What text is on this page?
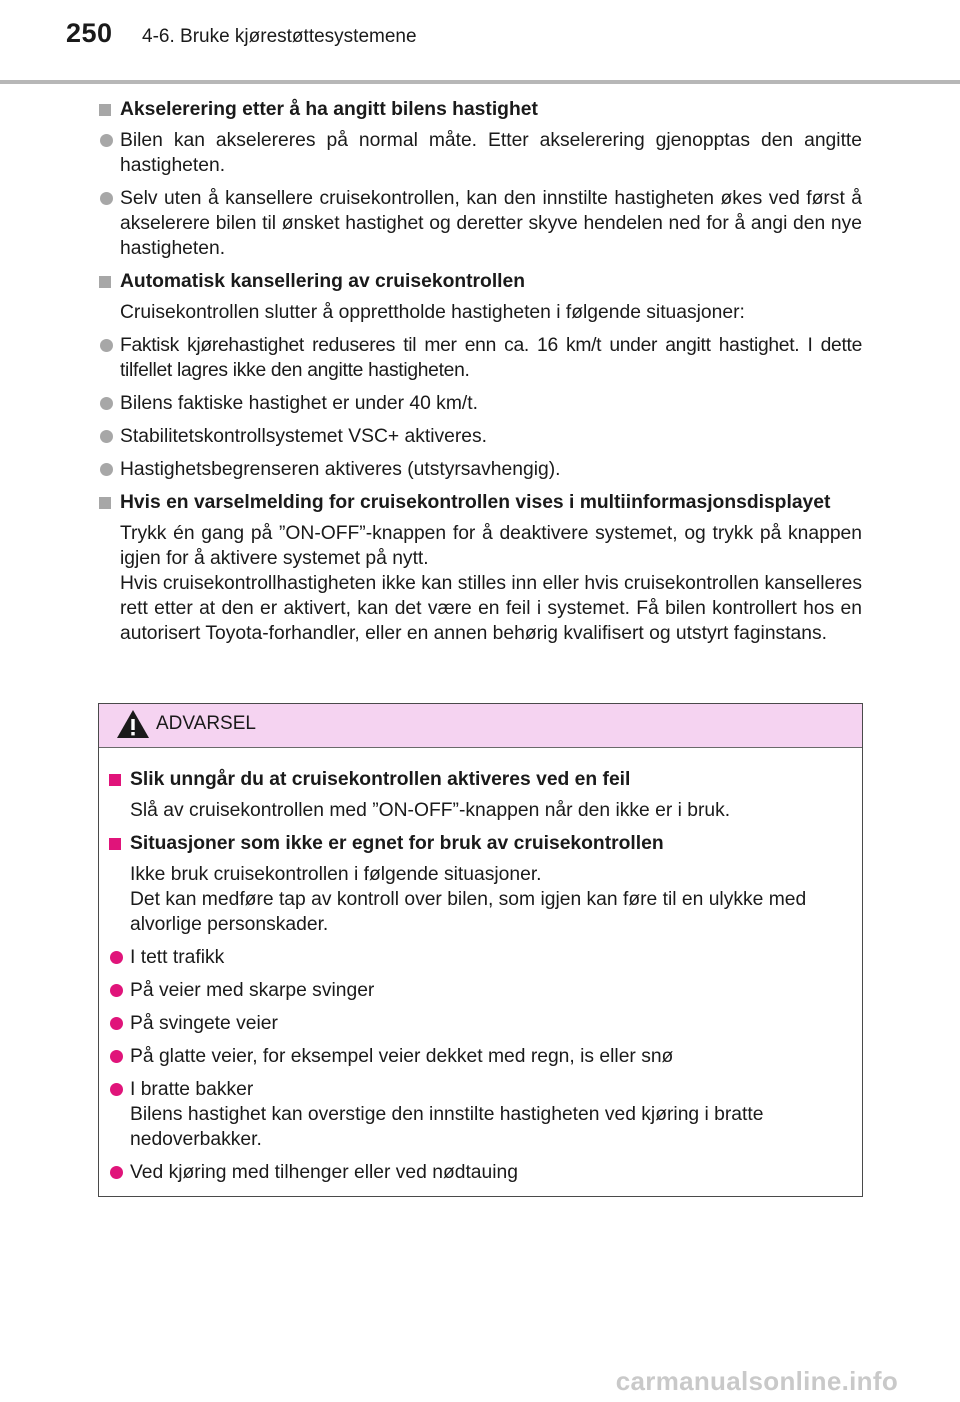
250 4-6. Bruke kjørestøttesystemene
Akselerering etter å ha angitt bilens hastighet
Bilen kan akselereres på normal måte. Etter akselerering gjenopptas den angitte hastigheten.
Selv uten å kansellere cruisekontrollen, kan den innstilte hastigheten økes ved først å akselerere bilen til ønsket hastighet og deretter skyve hendelen ned for å angi den nye hastigheten.
Automatisk kansellering av cruisekontrollen

Cruisekontrollen slutter å opprettholde hastigheten i følgende situasjoner:

Faktisk kjørehastighet reduseres til mer enn ca. 16 km/t under angitt hastighet. I dette tilfellet lagres ikke den angitte hastigheten.
Bilens faktiske hastighet er under 40 km/t.
Stabilitetskontrollsystemet VSC+ aktiveres.
Hastighetsbegrenseren aktiveres (utstyrsavhengig).
Hvis en varselmelding for cruisekontrollen vises i multiinformasjonsdisplayet

Trykk én gang på ”ON-OFF”-knappen for å deaktivere systemet, og trykk på knappen igjen for å aktivere systemet på nytt.

Hvis cruisekontrollhastigheten ikke kan stilles inn eller hvis cruisekontrollen kanselleres rett etter at den er aktivert, kan det være en feil i systemet. Få bilen kontrollert hos en autorisert Toyota-forhandler, eller en annen behørig kvalifisert og utstyrt faginstans.

ADVARSEL
Slik unngår du at cruisekontrollen aktiveres ved en feil

Slå av cruisekontrollen med ”ON-OFF”-knappen når den ikke er i bruk.

Situasjoner som ikke er egnet for bruk av cruisekontrollen

Ikke bruk cruisekontrollen i følgende situasjoner.

Det kan medføre tap av kontroll over bilen, som igjen kan føre til en ulykke med alvorlige personskader.

I tett trafikk
På veier med skarpe svinger
På svingete veier
På glatte veier, for eksempel veier dekket med regn, is eller snø
I bratte bakker
Bilens hastighet kan overstige den innstilte hastigheten ved kjøring i bratte nedoverbakker.
Ved kjøring med tilhenger eller ved nødtauing
carmanualsonline.info
